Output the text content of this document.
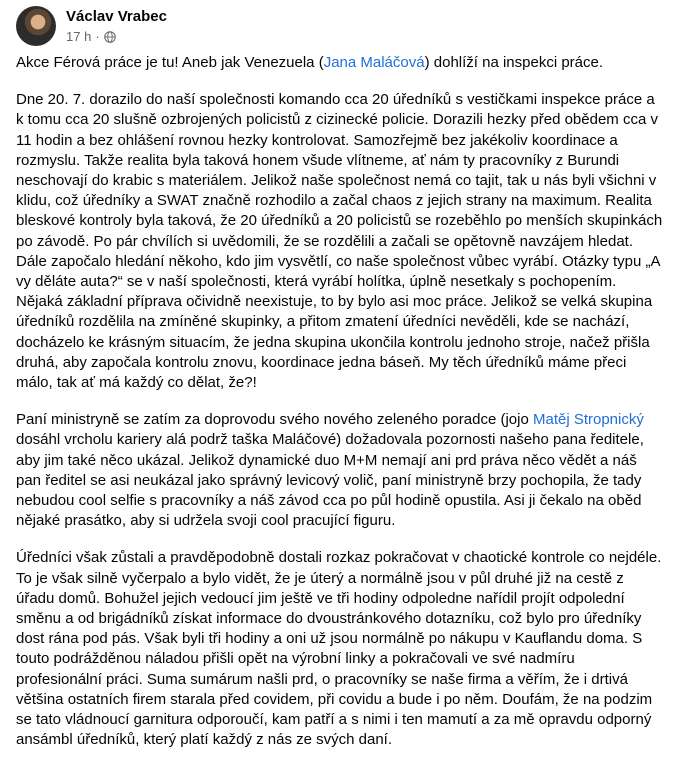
Václav Vrabec
17 h ·

Akce Férová práce je tu! Aneb jak Venezuela (Jana Maláčová) dohlíží na inspekci práce.

Dne 20. 7. dorazilo do naší společnosti komando cca 20 úředníků s vestičkami inspekce práce a k tomu cca 20 slušně ozbrojených policistů z cizinecké policie. Dorazili hezky před obědem cca v 11 hodin a bez ohlášení rovnou hezky kontrolovat. Samozřejmě bez jakékoliv koordinace a rozmyslu. Takže realita byla taková honem všude vlítneme, ať nám ty pracovníky z Burundi neschovají do krabic s materiálem. Jelikož naše společnost nemá co tajit, tak u nás byli všichni v klidu, což úředníky a SWAT značně rozhodilo a začal chaos z jejich strany na maximum. Realita bleskové kontroly byla taková, že 20 úředníků a 20 policistů se rozeběhlo po menších skupinkách po závodě. Po pár chvílích si uvědomili, že se rozdělili a začali se opětovně navzájem hledat. Dále započalo hledání někoho, kdo jim vysvětlí, co naše společnost vůbec vyrábí. Otázky typu „A vy děláte auta?“ se v naší společnosti, která vyrábí holítka, úplně nesetkaly s pochopením. Nějaká základní příprava očividně neexistuje, to by bylo asi moc práce. Jelikož se velká skupina úředníků rozdělila na zmíněné skupinky, a přitom zmatení úředníci nevěděli, kde se nachází, docházelo ke krásným situacím, že jedna skupina ukončila kontrolu jednoho stroje, načež přišla druhá, aby započala kontrolu znovu, koordinace jedna báseň. My těch úředníků máme přeci málo, tak ať má každý co dělat, že?!

Paní ministryně se zatím za doprovodu svého nového zeleného poradce (jojo Matěj Stropnický dosáhl vrcholu kariery alá podrž taška Maláčové) dožadovala pozornosti našeho pana ředitele, aby jim také něco ukázal. Jelikož dynamické duo M+M nemají ani prd práva něco vědět a náš pan ředitel se asi neukázal jako správný levicový volič, paní ministryně brzy pochopila, že tady nebudou cool selfie s pracovníky a náš závod cca po půl hodině opustila. Asi ji čekalo na oběd nějaké prasátko, aby si udržela svoji cool pracující figuru.

Úředníci však zůstali a pravděpodobně dostali rozkaz pokračovat v chaotické kontrole co nejdéle. To je však silně vyčerpalo a bylo vidět, že je úterý a normálně jsou v půl druhé již na cestě z úřadu domů. Bohužel jejich vedoucí jim ještě ve tři hodiny odpoledne nařídil projít odpolední směnu a od brigádníků získat informace do dvoustránkového dotazníku, což bylo pro úředníky dost rána pod pás. Však byli tři hodiny a oni už jsou normálně po nákupu v Kauflandu doma. S touto podrážděnou náladou přišli opět na výrobní linky a pokračovali ve své nadmíru profesionální práci. Suma sumárum našli prd, o pracovníky se naše firma a věřím, že i drtivá většina ostatních firem starala před covidem, při covidu a bude i po něm. Doufám, že na podzim se tato vládnoucí garnitura odporoučí, kam patří a s nimi i ten mamutí a za mě opravdu odporný ansámbl úředníků, který platí každý z nás ze svých daní.
